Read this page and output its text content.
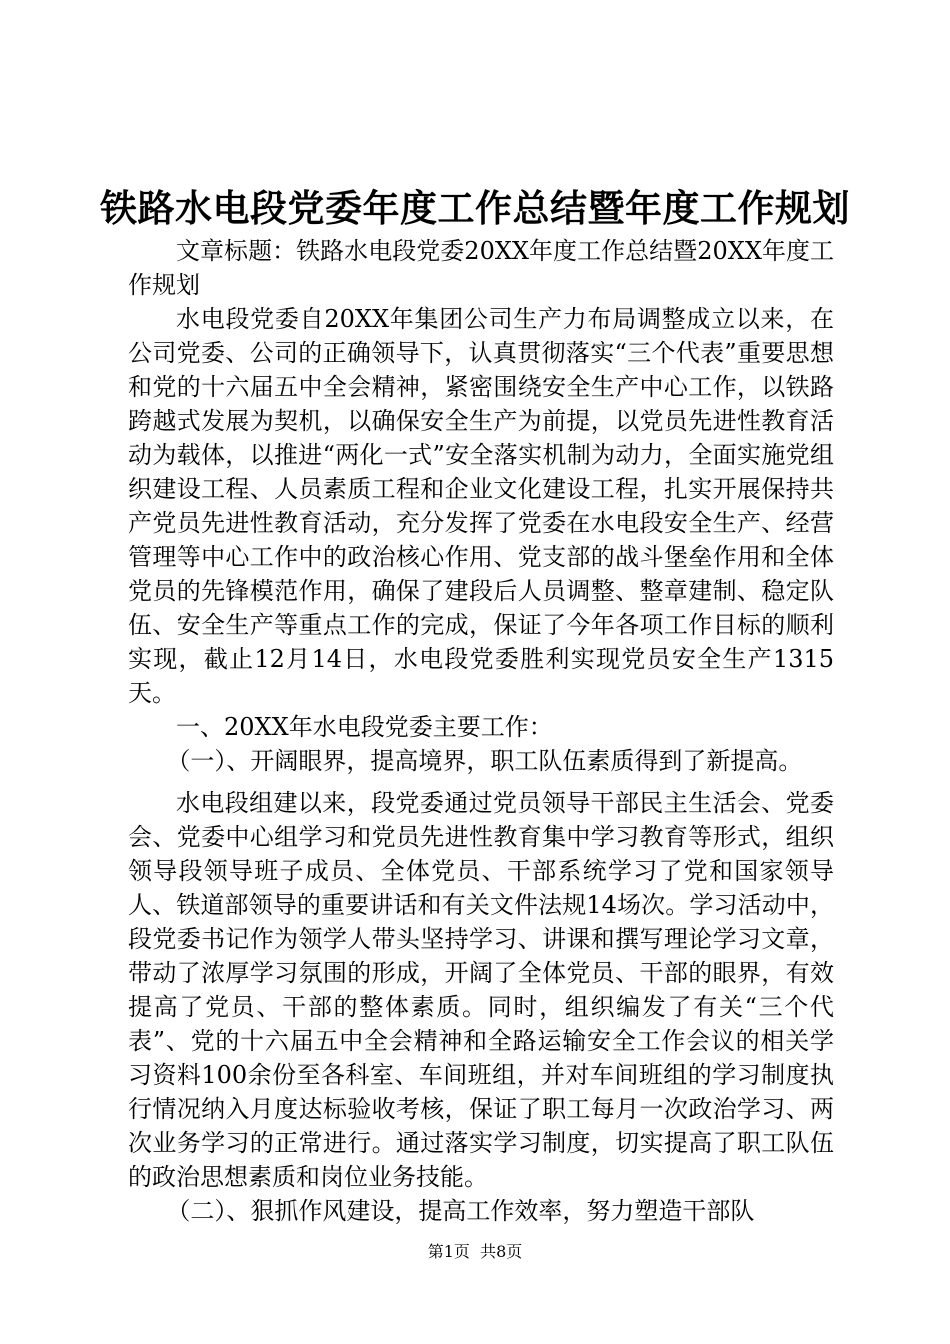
铁路水电段党委年度工作总结暨年度工作规划

文章标题：铁路水电段党委20XX年度工作总结暨20XX年度工作规划

水电段党委自20XX年集团公司生产力布局调整成立以来，在公司党委、公司的正确领导下，认真贯彻落实“三个代表”重要思想和党的十六届五中全会精神，紧密围绕安全生产中心工作，以铁路跨越式发展为契机，以确保安全生产为前提，以党员先进性教育活动为载体，以推进“两化一式”安全落实机制为动力，全面实施党组织建设工程、人员素质工程和企业文化建设工程，扎实开展保持共产党员先进性教育活动，充分发挥了党委在水电段安全生产、经营管理等中心工作中的政治核心作用、党支部的战斗堡垒作用和全体党员的先锋模范作用，确保了建段后人员调整、整章建制、稳定队伍、安全生产等重点工作的完成，保证了今年各项工作目标的顺利实现，截止12月14日，水电段党委胜利实现党员安全生产1315天。

一、20XX年水电段党委主要工作：

（一）、开阔眼界，提高境界，职工队伍素质得到了新提高。

水电段组建以来，段党委通过党员领导干部民主生活会、党委会、党委中心组学习和党员先进性教育集中学习教育等形式，组织领导段领导班子成员、全体党员、干部系统学习了党和国家领导人、铁道部领导的重要讲话和有关文件法规14场次。学习活动中，段党委书记作为领学人带头坚持学习、讲课和撰写理论学习文章，带动了浓厚学习氛围的形成，开阔了全体党员、干部的眼界，有效提高了党员、干部的整体素质。同时，组织编发了有关“三个代表”、党的十六届五中全会精神和全路运输安全工作会议的相关学习资料100余份至各科室、车间班组，并对车间班组的学习制度执行情况纳入月度达标验收考核，保证了职工每月一次政治学习、两次业务学习的正常进行。通过落实学习制度，切实提高了职工队伍的政治思想素质和岗位业务技能。

（二）、狠抓作风建设，提高工作效率，努力塑造干部队

第1页  共8页
